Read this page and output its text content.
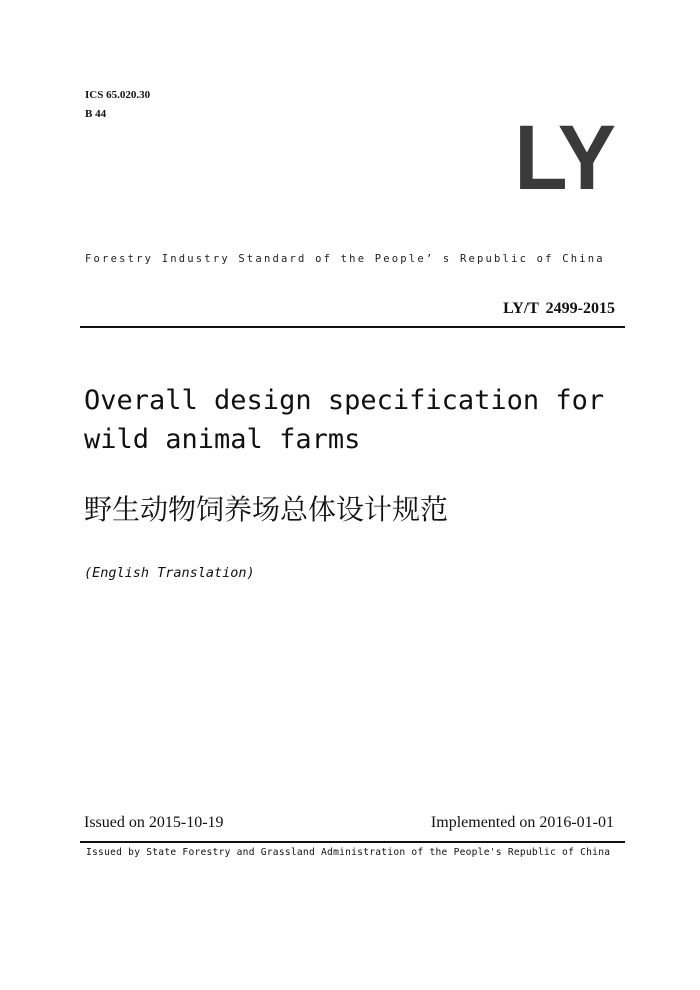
ICS 65.020.30
B 44	LY
Forestry Industry Standard of the People’ s Republic of China
LY/T 2499-2015
Overall design specification for
wild animal farms
野生动物饲养场总体设计规范
(English Translation)
Issued on 2015-10-19	Implemented on 2016-01-01
Issued by State Forestry and Grassland Administration of the People's Republic of China
